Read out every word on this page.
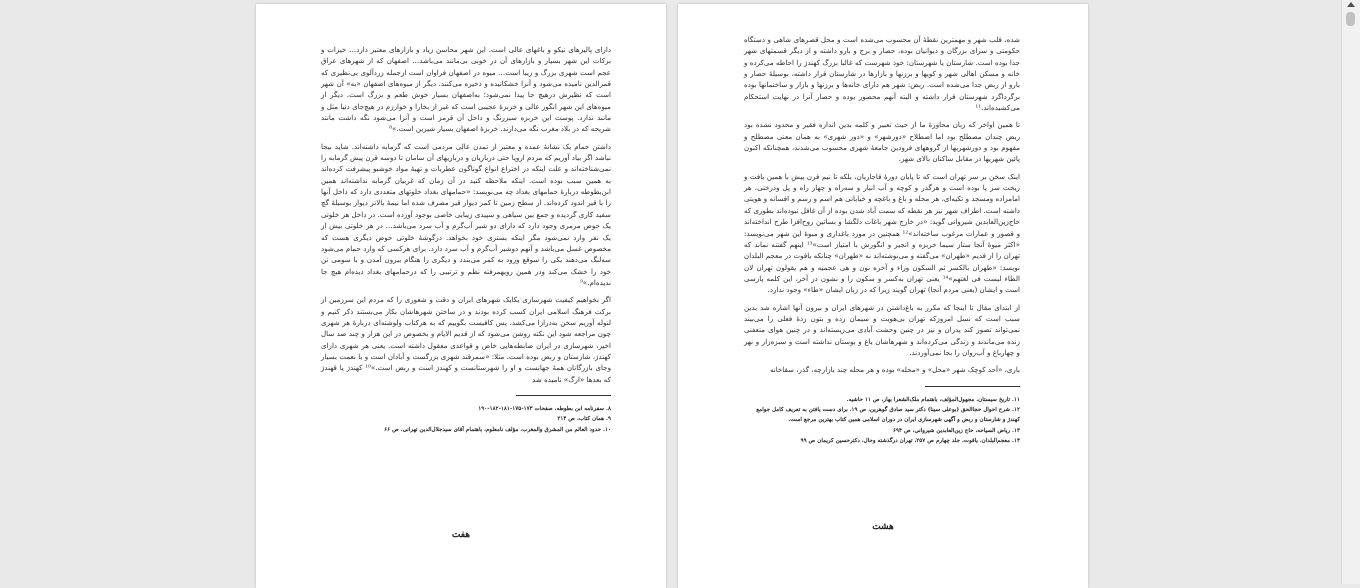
دارای پالیزهای نیکو و باغهای عالی است. این شهر محاسن زیاد و بازارهای معتبر دارد… خیرات و برکات این شهر بسیار و بازارهای آن در خوبی بی‌مانند می‌باشد… اصفهان که از شهرهای عراق عجم است شهری بزرگ و زیبا است… میوه در اصفهان فراوان است ازجمله زردآلوی بی‌نظیری که قمرالدین نامیده می‌شود و آنرا خشکانیده و ذخیره می‌کنند. دیگر از میوه‌های اصفهان «به» آن شهر است که نظیرش درهیچ جا پیدا نمی‌شود؛ به‌اصفهان بسیار خوش طعم و بزرگ است. دیگر از میوه‌های این شهر انگور عالی و خربزهٔ عجیبی است که غیر از بخارا و خوارزم در هیچ‌جای دنیا مثل و مانند ندارد. پوست این خربزه سبزرنگ و داخل آن قرمز است و آنرا می‌شود نگه داشت مانند شریحه که در بلاد مغرب نگه می‌دارند. خربزهٔ اصفهان بسیار شیرین است.»⁸

داشتن حمام یک نشانهٔ عمده و معتبر از تمدن عالی مردمی است که گرمابه داشته‌اند. شاید بیجا نباشد اگر بیاد آوریم که مردم اروپا حتی درباریان و درباریهای آن سامان تا دوسه قرن پیش گرمابه را نمی‌شناخته‌اند و علت اینکه در اختراع انواع گوناگون عطریات و تهیهٔ مواد خوشبو پیشرفت کرده‌اند به همین سبب بوده است. اینکه ملاحظه کنید در آن زمان که غربیان گرمابه نداشته‌اند همین ابن‌بطوطه دربارهٔ حمامهای بغداد چه می‌نویسد: «حمامهای بغداد خلوتهای متعددی دارد که داخل آنها را با قیر اندود کرده‌اند. از سطح زمین تا کمر دیوار قیر مصرف شده اما نیمهٔ بالاتر دیوار بوسیلهٔ گچ سفید کاری گردیده و جمع بین سیاهی و سپیدی زیبایی خاصی بوجود آورده است. در داخل هر خلوتی یک حوض مرمری وجود دارد که دارای دو شیر آب‌گرم و آب سرد می‌باشد… در هر خلوتی بیش از یک نفر وارد نمی‌شود مگر اینکه بستری خود بخواهد. درگوشهٔ خلوتی حوض دیگری هست که مخصوص غسل می‌باشد و آنهم دوشیر آب‌گرم و آب سرد دارد. برای هرکسی که وارد حمام می‌شود سه‌لنگ می‌دهند یکی را سوقع ورود به کمر می‌بندد و دیگری را هنگام بیرون آمدن و با سومی تن خود را خشک می‌کند ودر همین رویهمرفته نظم و ترتیبی را که درحمامهای بغداد دیده‌ام هیچ جا ندیده‌ام.»⁹

اگر بخواهیم کیفیت شهرسازی یکایک شهرهای ایران و دقت و شعوری را که مردم این سرزمین از برکت فرهنگ اسلامی ایران کسب کرده بودند و در ساختن شهرهاشان بکار می‌بستند ذکر کنیم و لنوله آوریم سخن به‌درازا می‌کشد، پس کافیست بگوییم که به هرکتاب ولوشته‌ای دربارهٔ هر شهری چون مراجعه شود این نکته روشن می‌شود که از قدیم الایام و بخصوص در این هزار و چند صد سال اخیر، شهرسازی در ایران ضابطه‌هایی خاص و قواعدی معقول داشته است. یعنی هر شهری دارای کهندژ، شارستان و ربض بوده است. مثلا: «سمرقند شهری بزرگست و آبادان است و با نعمت بسیار وجای بازرگانان همهٔ جهانست و او را شهرستانست و کهندژ است و ربض است.»¹⁰ کهندژ یا قهندژ که بعدها «ارگ» نامیده شد

۸. سفرنامه ابن بطوطه، صفحات ۱۷۳-۱۷۵-۱۸۱-۱۸۲-۱۹۰

۹. همان کتاب، ص ۲۱۴

۱۰. حدود العالم من المشرق والمغرب، مؤلف نامعلوم، باهتمام آقای سیدجلال‌الدین تهرانی، ص ۶۶

هفت

شده، قلب شهر و مهمترین نقطهٔ آن محسوب می‌شده است و محل قصرهای شاهی و دستگاه حکومتی و سرای بزرگان و دیوانیان بوده، حصار و برج و بارو داشته و از دیگر قسمتهای شهر جدا بوده است. شارستان یا شهرستان: خود شهرست که غالبا بزرگ کهندژ را احاطه می‌کرده و خانه و مسکن اهالی شهر و کویها و برزنها و بازارها در شارستان قرار داشته، بوسیلهٔ حصار و بارو از ربض جدا می‌شده است. ربض: شهر هم دارای خانه‌ها و برزنها و بازار و ساختمانها بوده برگرداگرد شهرستان قرار داشته و البته آنهم محصور بوده و حصار آنرا در نهایت استحکام می‌کشیده‌اند.¹¹

تا همین اواخر که زبان محاورهٔ ما از حیث تعبیر و کلمه بدین اندازه فقیر و محدود نشده بود ربض چندان مصطلح بود اما اصطلاح «دورشهر» و «دور شهری» به همان معنی مصطلح و مفهوم بود و دورشهریها از گروههای فرودین جامعهٔ شهری محسوب می‌شدند، همچنانکه اکنون پائین شهریها در مقابل ساکنان بالای شهر.

اینک سخن بر سر تهران است که تا پایان دورهٔ قاجاریان، بلکه تا نیم قرن پیش با همین بافت و ریخت سر پا بوده است و هرگذر و کوچه و آب انبار و سه‌راه و چهار راه و پل ودرختی، هر امامزاده ومسجد و تکیه‌ای، هر محله و باغ و باغچه و خیابانی هم اسم و رسم و افسانه و هویتی داشته است. اطراف شهر نیز هر نقطه که سمت آباد شدن بوده از آن غافل نبوده‌اند بطوری که حاج‌زین‌العابدین شیروانی گوید: «در خارج شهر باغات دلگشا و بساتین روح‌افزا طرح انداخته‌اند و قصور و عمارات مرغوب ساخته‌اند»¹² همچنین در مورد باغداری و میوهٔ این شهر می‌نویسد: «اکثر میوهٔ آنجا ستاز سیما خربزه و انجیر و انگورش با امتیاز است»¹³ اینهم گفتنه نماند که تهران را از قدیم «طهران» می‌گفته و می‌نوشته‌اند نه «طهران» چنانکه یاقوت در معجم البلدان نویسد: «طهران بالکسر ثم السکون وراء و آخره نون و هی عجمیه و هم یقولون تهران لان الطاء لیست فی لغتهم»¹⁴ یعنی تهران به‌کسر و سکون را و نشون در آخر، این کلمه پارسی است و ایشان (یعنی مردم آنجا) تهران گویند زیرا که در زبان ایشان «طاء» وجود ندارد.

از ابتدای مقال تا اینجا که مکرر به باغ‌داشتن در شهرهای ایران و بیرون آنها اشاره شد بدین سبب است که نسل امروزکه تهران بی‌هویت و سیمان زده و بتون زدهٔ فعلی را می‌بیند نمی‌تواند تصور کند پدران و نیز در چنین وحشت آبادی می‌زیسته‌اند و در چنین هوای متعفنی زنده می‌ماندند و زندگی می‌کرده‌اند و شهرهاشان باغ و بوستان نداشته است و سبزه‌زار و نهر و چهارباغ و آب‌روان را بجا نمی‌آوردند.

باری، «آحد کوچک شهر «محل» و «محله» بوده و هر محله چند بازارچه، گذر، سقاخانه

۱۱. تاریخ سیستان، مجهول‌المؤلف، باهتمام ملک‌الشعرا بهار، ص ۱۱ حاشیه.

۱۲. شرح احوال حجاالحق (بوعلی سینا) دکتر سید صادق گوهرین، ص ۱۹، برای دست یافتن به تعریف کامل جوامع کهندژ و شارستان و ربض و آگهی شهرسازی ایران در دوران اسلامی همین کتاب بهترین مرجع است.

۱۳. ریاض السیاحه، حاج زین‌العابدین شیروانی، ص ۶۹۴

۱۴. معجم‌البلدان، یاقوت، جلد چهارم ص ۲۵۷، تهران درگذشته وحال، دکترحسین کریمان ص ۹۹

هشت
